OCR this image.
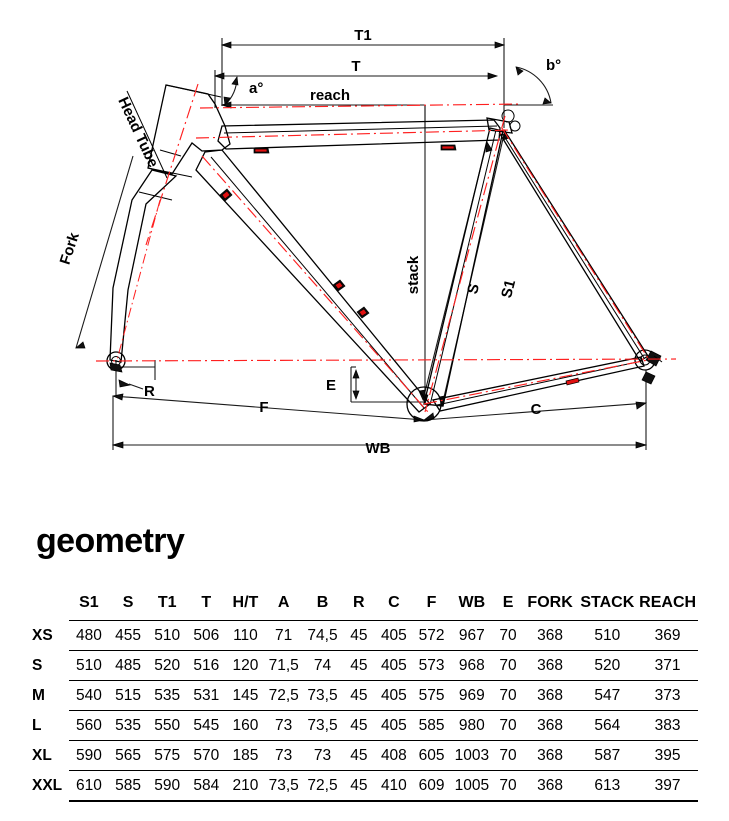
T1
T
reach
a°
b°
stack
Head Tube
Fork
R	E
F	C
WB
S S1
geometry
	S1	S	T1	T	H/T	A	B	R	C	F	WB	E	FORK	STACK	REACH
XS	480	455	510	506	110	71	74,5	45	405	572	967	70	368	510	369
S	510	485	520	516	120	71,5	74	45	405	573	968	70	368	520	371
M	540	515	535	531	145	72,5	73,5	45	405	575	969	70	368	547	373
L	560	535	550	545	160	73	73,5	45	405	585	980	70	368	564	383
XL	590	565	575	570	185	73	73	45	408	605	1003	70	368	587	395
XXL	610	585	590	584	210	73,5	72,5	45	410	609	1005	70	368	613	397
